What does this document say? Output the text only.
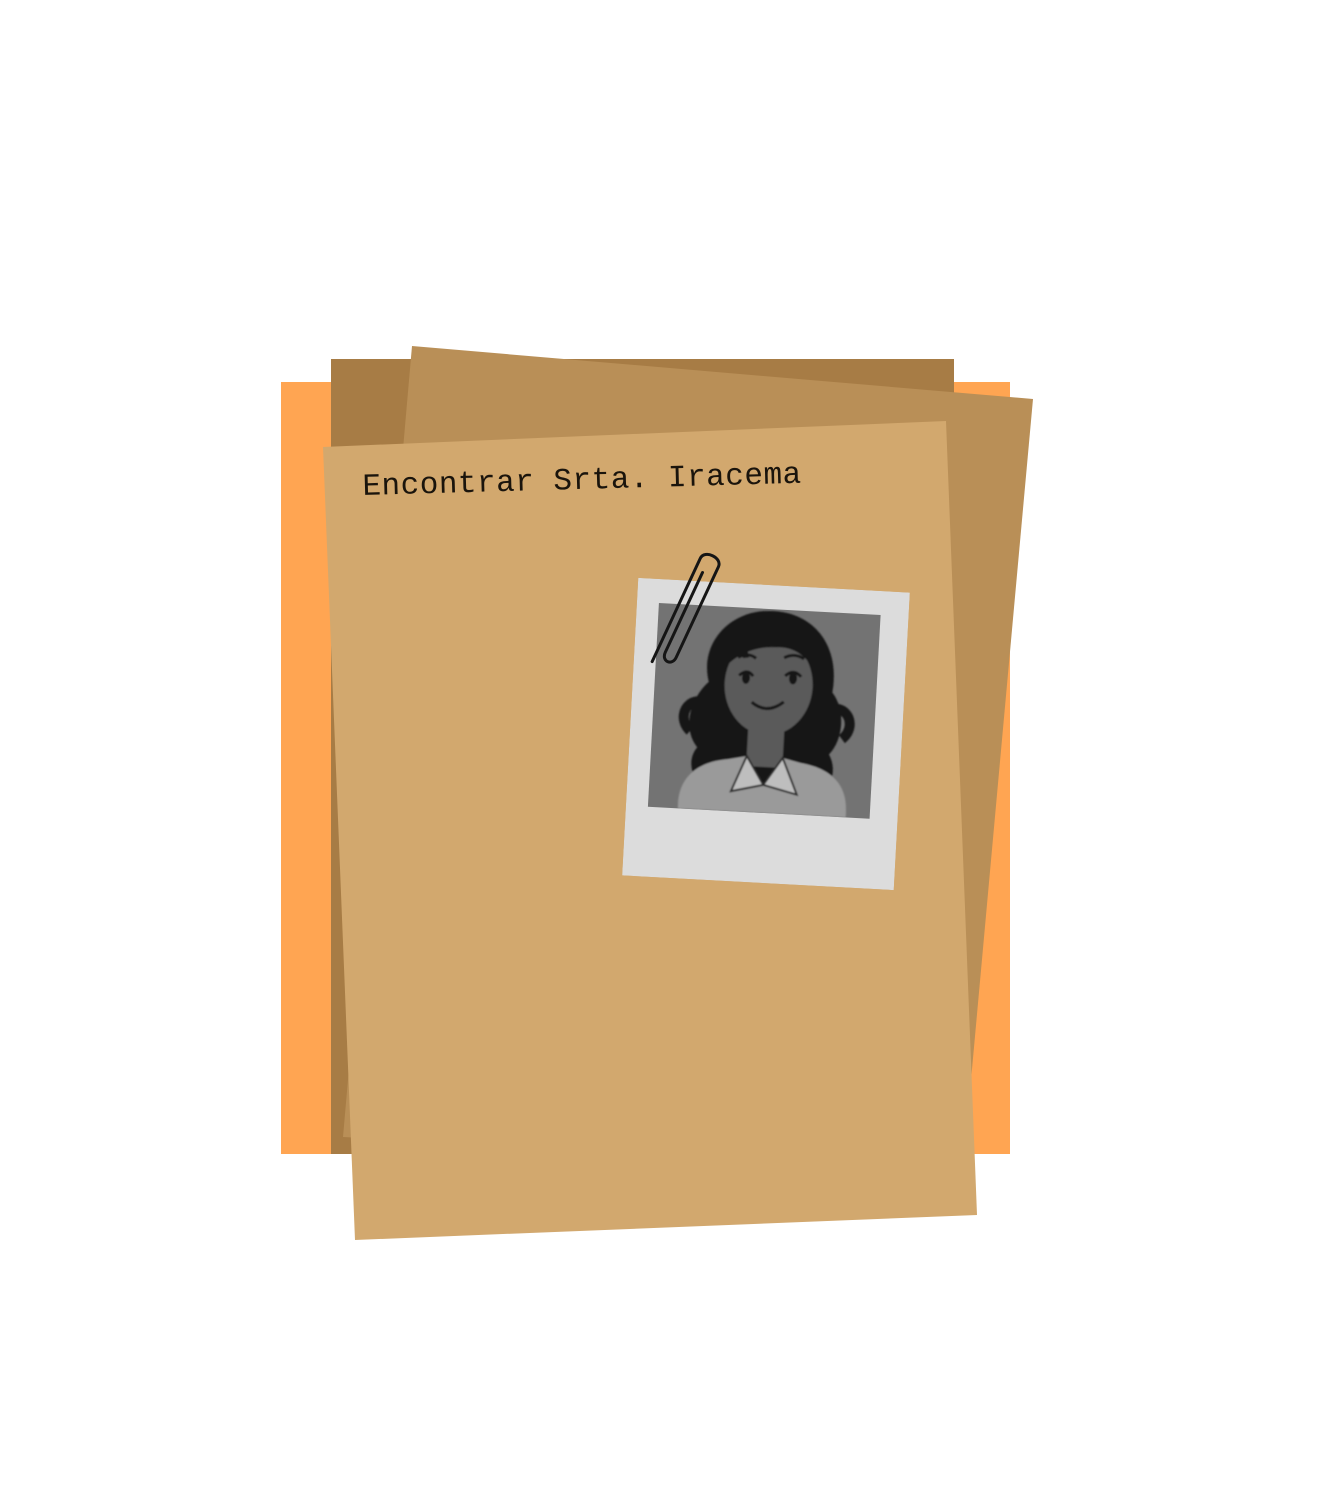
Encontrar Srta. Iracema
